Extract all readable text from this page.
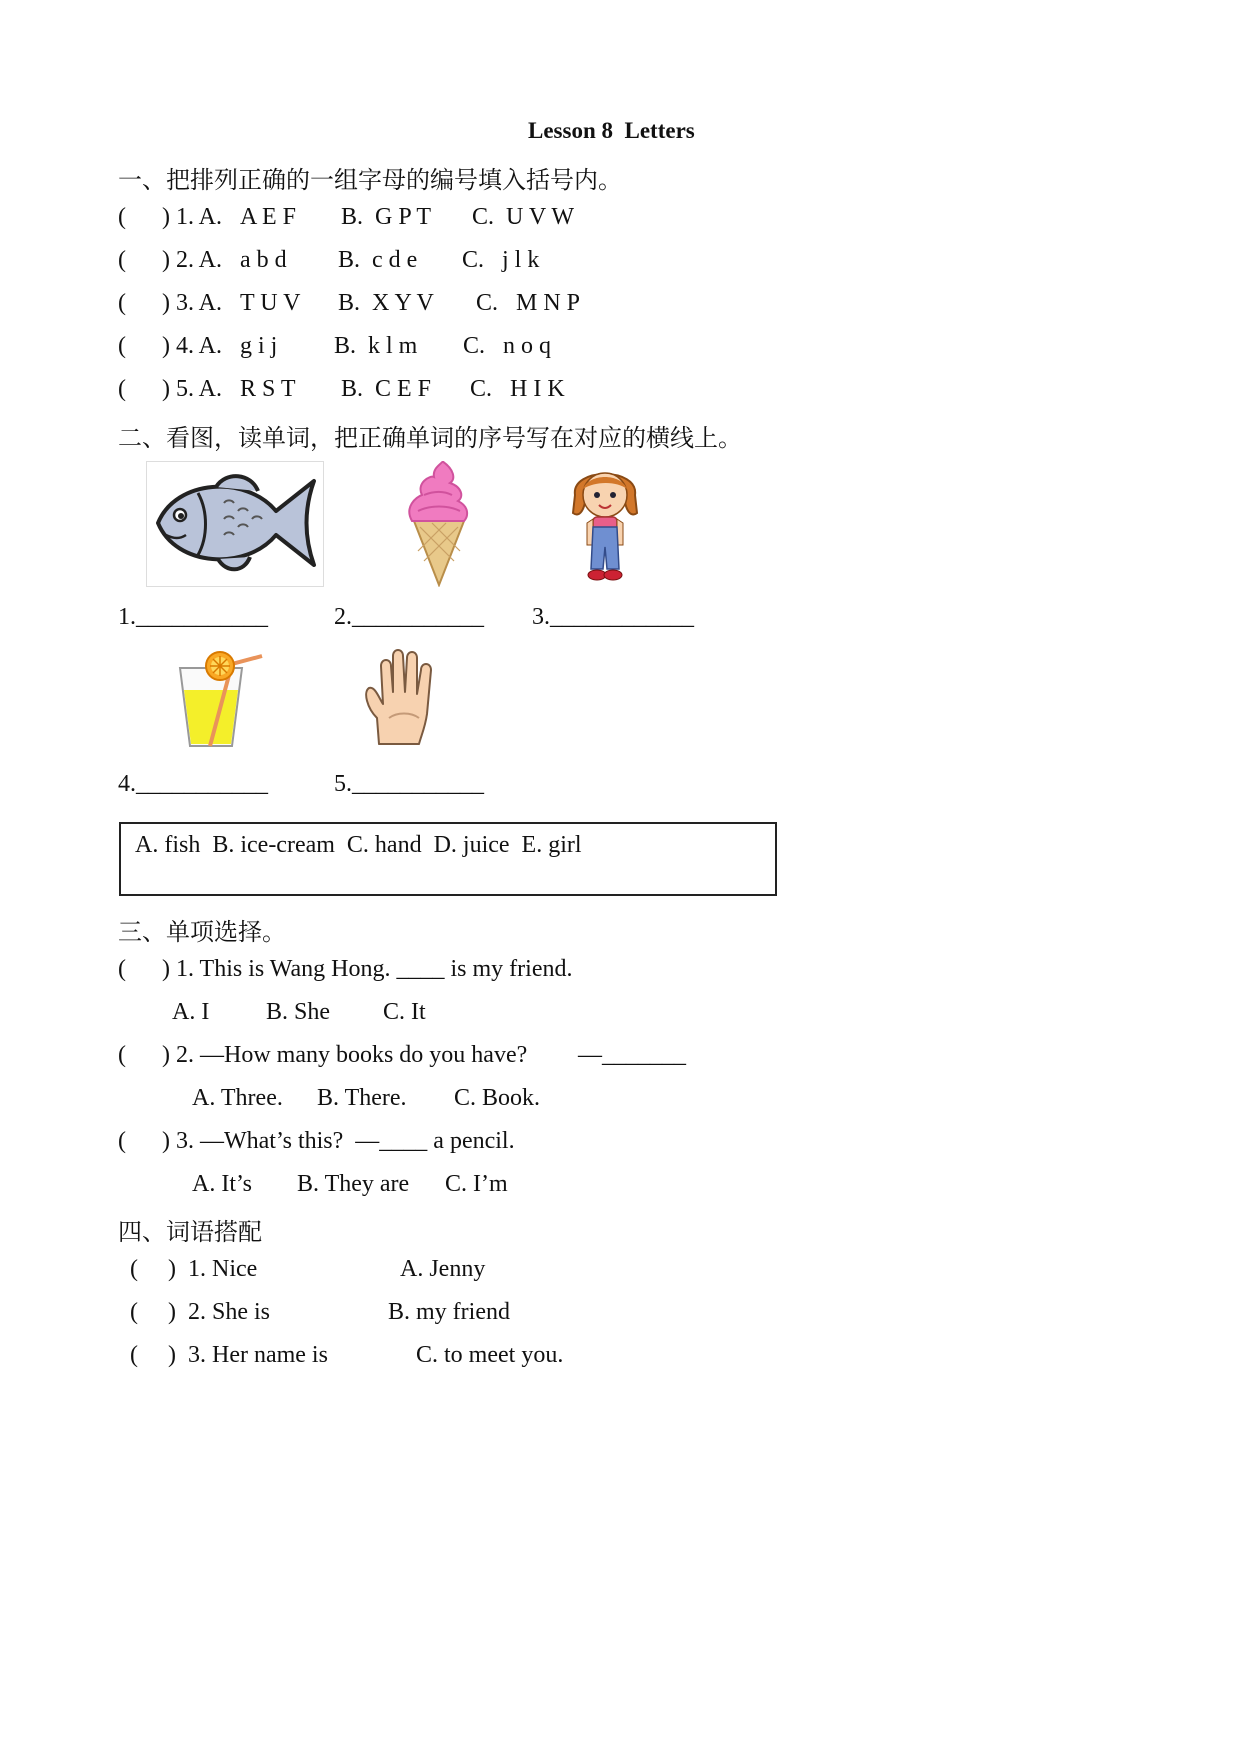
Lesson 8  Letters
一、把排列正确的一组字母的编号填入括号内。
(      ) 1. A. A E F B.  G P T C.  U V W
(      ) 2. A. a b d B.  c d e C.   j l k
(      ) 3. A. T U V B.  X Y V C.   M N P
(      ) 4. A. g i j B.  k l m C.   n o q
(      ) 5. A. R S T B.  C E F C.   H I K
二、看图，读单词，把正确单词的序号写在对应的横线上。
1.___________	2.___________ 3.____________
4.___________	5.___________
A. fish  B. ice-cream  C. hand  D. juice  E. girl
三、单项选择。
(      ) 1. This is Wang Hong. ____ is my friend.
A. I B. She C. It
(      ) 2. —How many books do you have? —_______
A. Three. B. There. C. Book.
(      ) 3. —What’s this?  —____ a pencil.
A. It’s B. They are C. I’m
四、词语搭配
(     )  1. Nice	A. Jenny
(     )  2. She is	B. my friend
(     )  3. Her name is	C. to meet you.
